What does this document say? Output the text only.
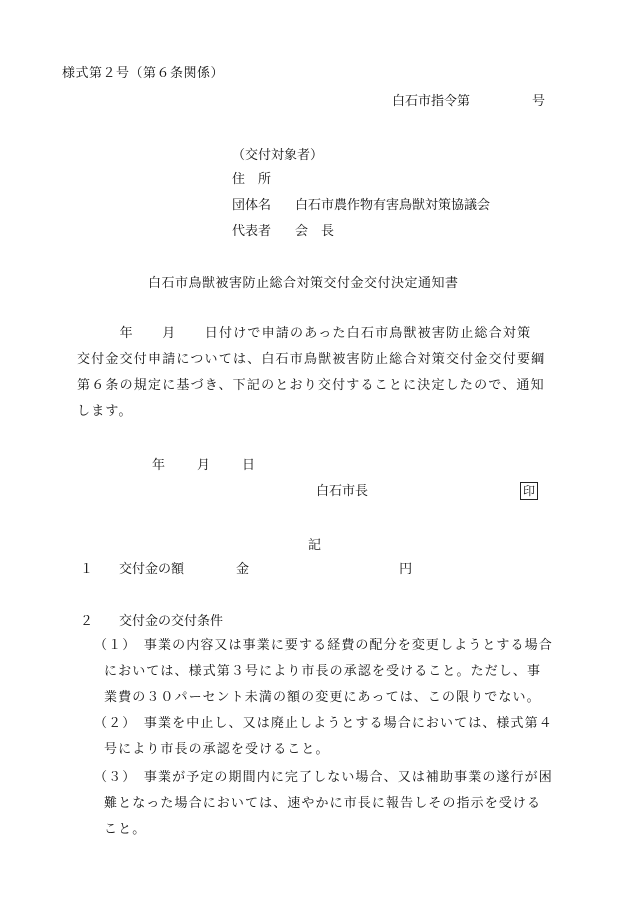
様式第２号（第６条関係）
白石市指令第	号
（交付対象者）
住　所
団体名 白石市農作物有害鳥獣対策協議会
代表者 会　長
白石市鳥獣被害防止総合対策交付金交付決定通知書
　　　年　　月　　日付けで申請のあった白石市鳥獣被害防止総合対策
交付金交付申請については、白石市鳥獣被害防止総合対策交付金交付要綱
第６条の規定に基づき、下記のとおり交付することに決定したので、通知
します。
年 月 日
白石市長	印
記
１　　 交付金の額	金	円
２　　 交付金の交付条件
（１）　 事業の内容又は事業に要する経費の配分を変更しようとする場合
においては、様式第３号により市長の承認を受けること。ただし、事
業費の３０パーセント未満の額の変更にあっては、この限りでない。
（２）　 事業を中止し、又は廃止しようとする場合においては、様式第４
号により市長の承認を受けること。
（３）　 事業が予定の期間内に完了しない場合、又は補助事業の遂行が困
難となった場合においては、速やかに市長に報告しその指示を受ける
こと。
